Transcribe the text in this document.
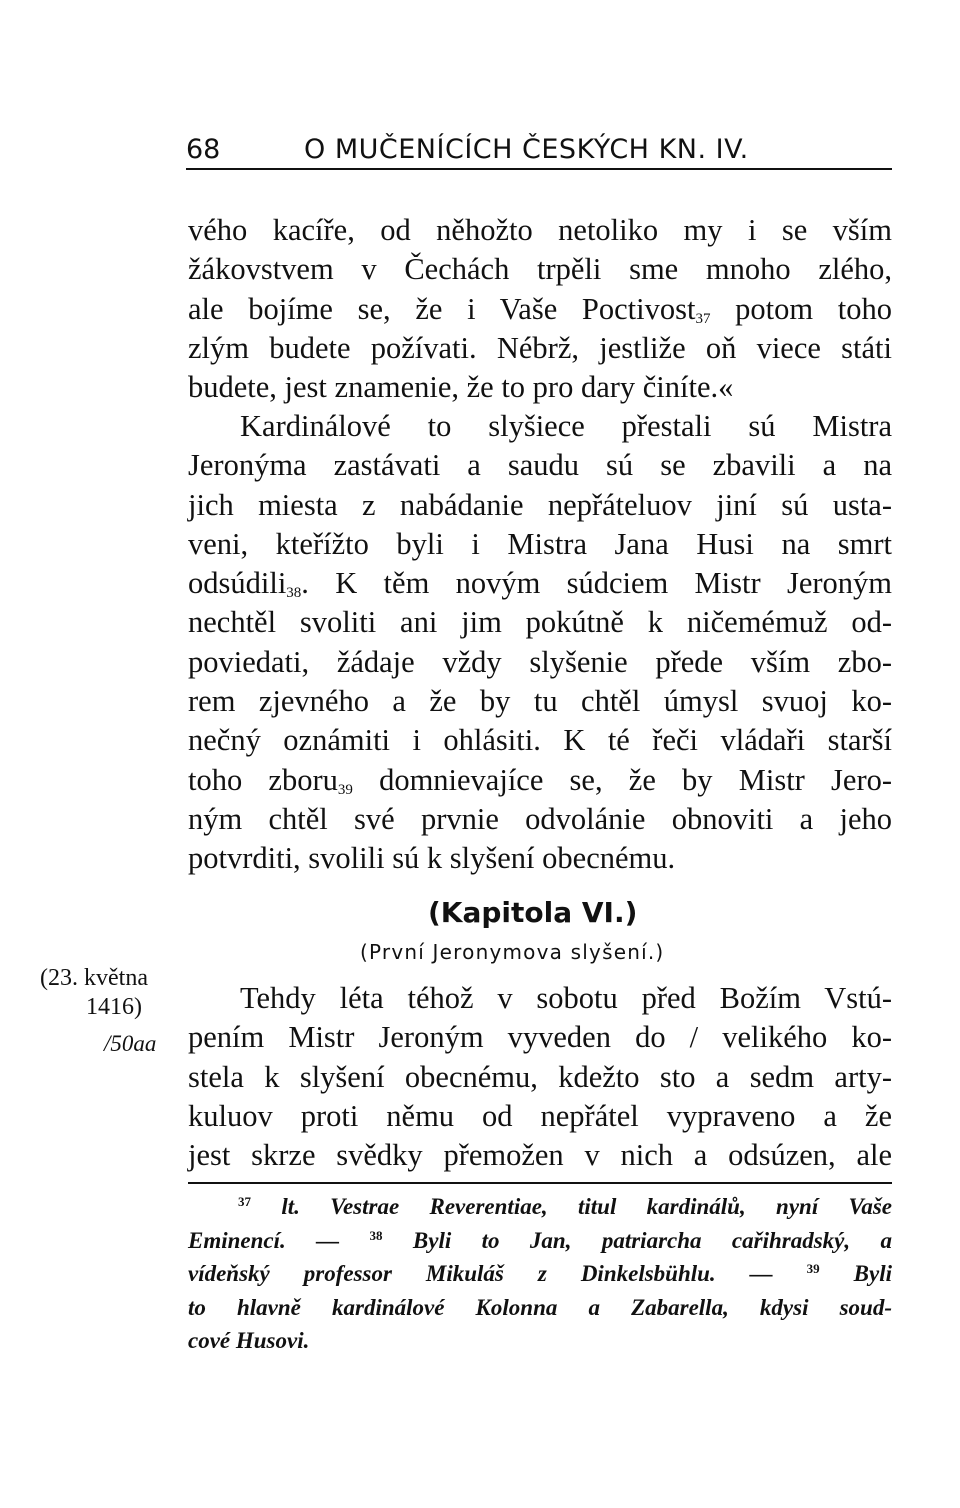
68	O MUČENÍCÍCH ČESKÝCH KN. IV.
vého kacíře, od něhožto netoliko my i se vším
žákovstvem v Čechách trpěli sme mnoho zlého,
ale bojíme se, že i Vaše Poctivost$_{37}$ potom toho
zlým budete požívati. Nébrž, jestliže oň viece státi
budete, jest znamenie, že to pro dary činíte.«
Kardinálové to slyšiece přestali sú Mistra
Jeronýma zastávati a saudu sú se zbavili a na
jich miesta z nabádanie nepřáteluov jiní sú usta-
veni, kteřížto byli i Mistra Jana Husi na smrt
odsúdili$_{38}$. K těm novým súdciem Mistr Jeroným
nechtěl svoliti ani jim pokútně k ničemémuž od-
poviedati, žádaje vždy slyšenie přede vším zbo-
rem zjevného a že by tu chtěl úmysl svuoj ko-
nečný oznámiti i ohlásiti. K té řeči vládaři starší
toho zboru$_{39}$ domnievajíce se, že by Mistr Jero-
ným chtěl své prvnie odvolánie obnoviti a jeho
potvrditi, svolili sú k slyšení obecnému.
(Kapitola VI.)
(První Jeronymova slyšení.)
(23. května
1416)
/50aa
Tehdy léta téhož v sobotu před Božím Vstú-
pením Mistr Jeroným vyveden do / velikého ko-
stela k slyšení obecnému, kdežto sto a sedm arty-
kuluov proti němu od nepřátel vypraveno a že
jest skrze svědky přemožen v nich a odsúzen, ale
$^{37}$ lt. Vestrae Reverentiae, titul kardinálů, nyní Vaše
Eminencí. — $^{38}$ Byli to Jan, patriarcha cařihradský, a
vídeňský professor Mikuláš z Dinkelsbühlu. — $^{39}$ Byli
to hlavně kardinálové Kolonna a Zabarella, kdysi soud-
cové Husovi.
